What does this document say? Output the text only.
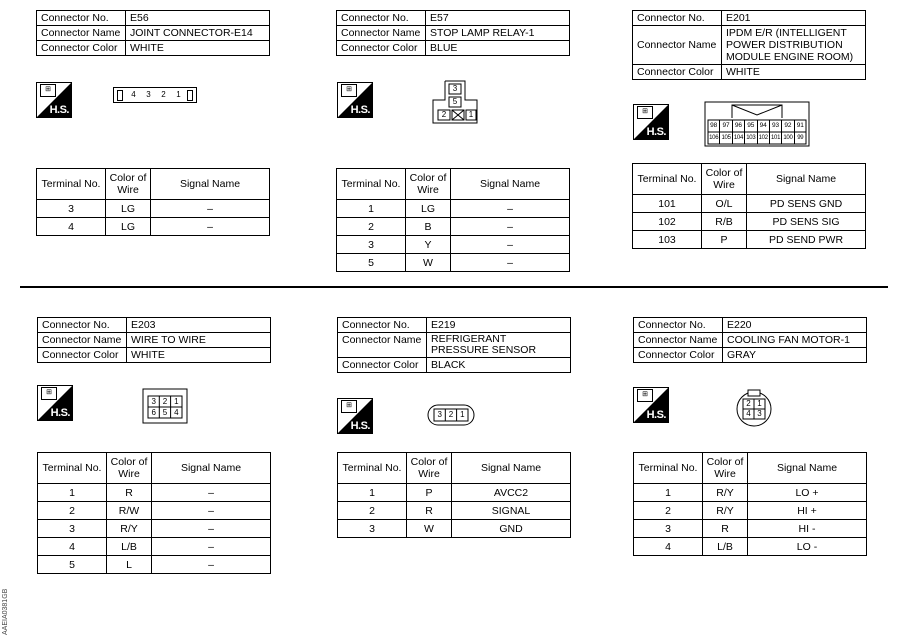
Connector No.	E56
Connector Name	JOINT CONNECTOR-E14
Connector Color	WHITE
⊞
H.S.
4	3	2	1
Terminal No.	Color of Wire	Signal Name
3	LG	–
4	LG	–
Connector No.	E57
Connector Name	STOP LAMP RELAY-1
Connector Color	BLUE
⊞
H.S.
3
5
2	1
Terminal No.	Color of Wire	Signal Name
1	LG	–
2	B	–
3	Y	–
5	W	–
Connector No.	E201
Connector Name	IPDM E/R (INTELLIGENT POWER DISTRIBUTION MODULE ENGINE ROOM)
Connector Color	WHITE
⊞
H.S.
98 97 96 95 94 93 92 91
106 105 104 103 102 101 100 99
Terminal No.	Color of Wire	Signal Name
101	O/L	PD SENS GND
102	R/B	PD SENS SIG
103	P	PD SEND PWR
Connector No.	E203
Connector Name	WIRE TO WIRE
Connector Color	WHITE
⊞
H.S.
3 2 1
6 5 4
Terminal No.	Color of Wire	Signal Name
1	R	–
2	R/W	–
3	R/Y	–
4	L/B	–
5	L	–
Connector No.	E219
Connector Name	REFRIGERANT PRESSURE SENSOR
Connector Color	BLACK
⊞
H.S.
3 2 1
Terminal No.	Color of Wire	Signal Name
1	P	AVCC2
2	R	SIGNAL
3	W	GND
Connector No.	E220
Connector Name	COOLING FAN MOTOR-1
Connector Color	GRAY
⊞
H.S.
2 1
4 3
Terminal No.	Color of Wire	Signal Name
1	R/Y	LO +
2	R/Y	HI +
3	R	HI -
4	L/B	LO -
AAEIA0381GB
